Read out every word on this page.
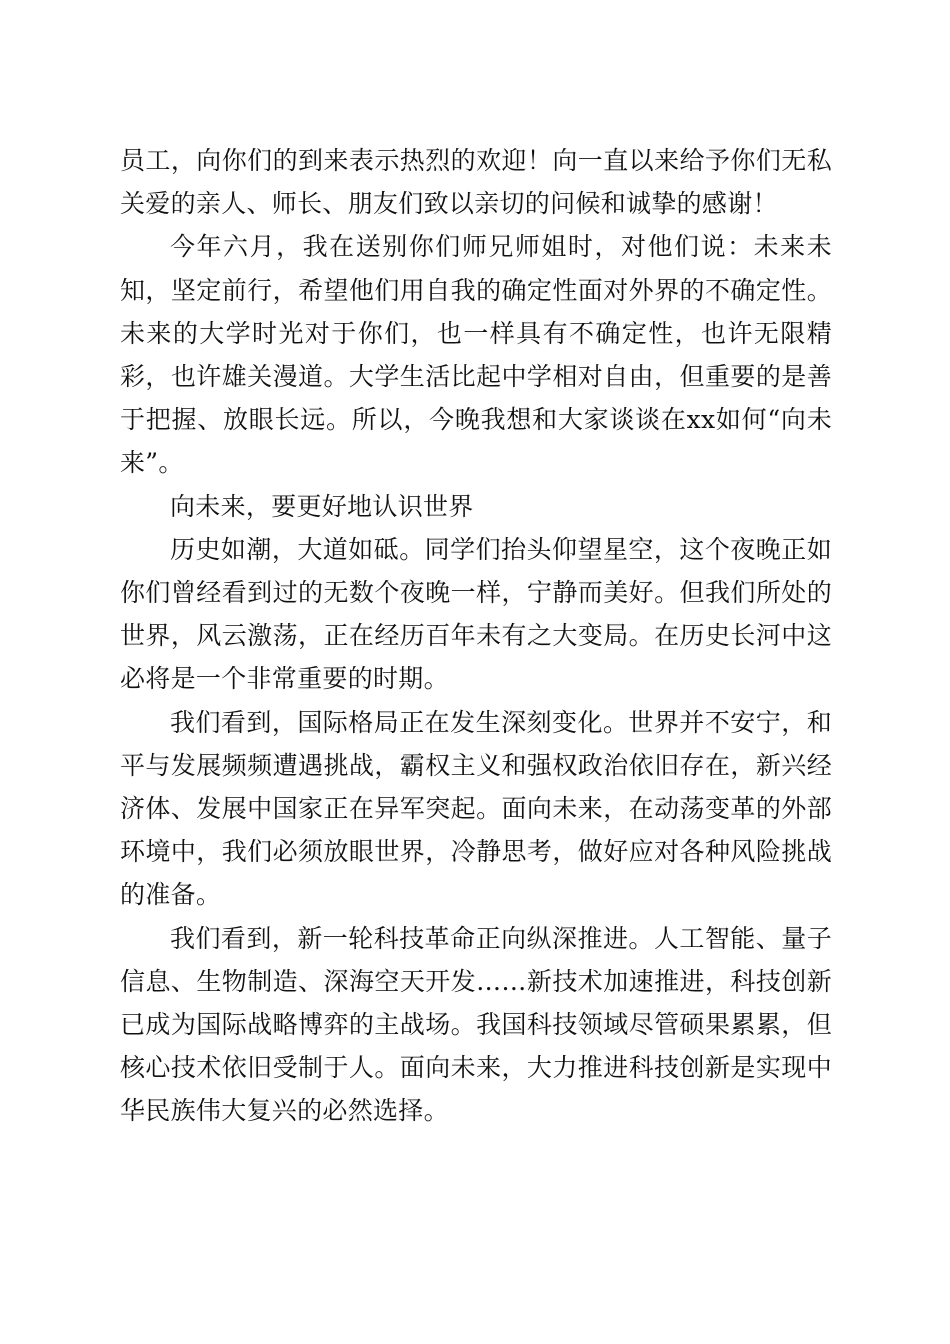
员工，向你们的到来表示热烈的欢迎！向一直以来给予你们无私关爱的亲人、师长、朋友们致以亲切的问候和诚挚的感谢！

今年六月，我在送别你们师兄师姐时，对他们说：未来未知，坚定前行，希望他们用自我的确定性面对外界的不确定性。未来的大学时光对于你们，也一样具有不确定性，也许无限精彩，也许雄关漫道。大学生活比起中学相对自由，但重要的是善于把握、放眼长远。所以，今晚我想和大家谈谈在xx如何“向未来”。

向未来，要更好地认识世界

历史如潮，大道如砥。同学们抬头仰望星空，这个夜晚正如你们曾经看到过的无数个夜晚一样，宁静而美好。但我们所处的世界，风云激荡，正在经历百年未有之大变局。在历史长河中这必将是一个非常重要的时期。

我们看到，国际格局正在发生深刻变化。世界并不安宁，和平与发展频频遭遇挑战，霸权主义和强权政治依旧存在，新兴经济体、发展中国家正在异军突起。面向未来，在动荡变革的外部环境中，我们必须放眼世界，冷静思考，做好应对各种风险挑战的准备。

我们看到，新一轮科技革命正向纵深推进。人工智能、量子信息、生物制造、深海空天开发……新技术加速推进，科技创新已成为国际战略博弈的主战场。我国科技领域尽管硕果累累，但核心技术依旧受制于人。面向未来，大力推进科技创新是实现中华民族伟大复兴的必然选择。
